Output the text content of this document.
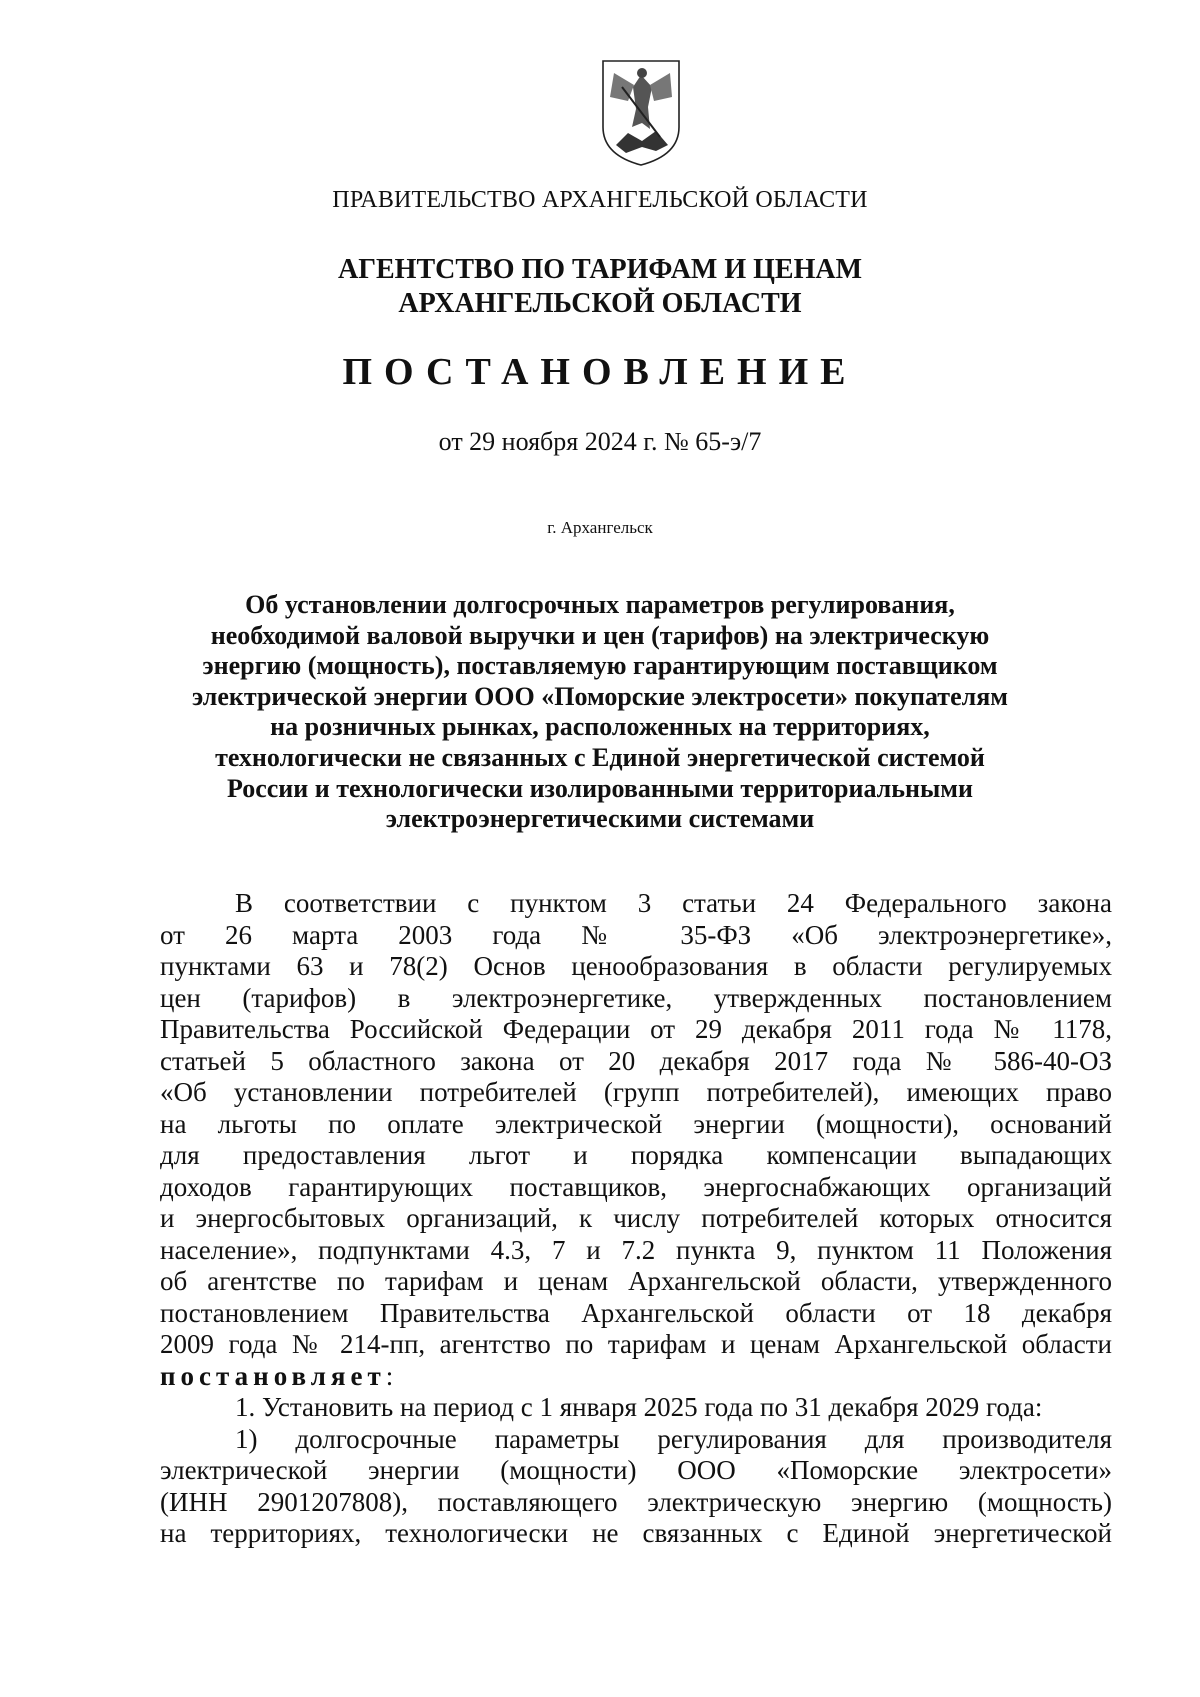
ПРАВИТЕЛЬСТВО АРХАНГЕЛЬСКОЙ ОБЛАСТИ
АГЕНТСТВО ПО ТАРИФАМ И ЦЕНАМ
АРХАНГЕЛЬСКОЙ ОБЛАСТИ
ПОСТАНОВЛЕНИЕ
от 29 ноября 2024 г. № 65-э/7
г. Архангельск
Об установлении долгосрочных параметров регулирования,
необходимой валовой выручки и цен (тарифов) на электрическую
энергию (мощность), поставляемую гарантирующим поставщиком
электрической энергии ООО «Поморские электросети» покупателям
на розничных рынках, расположенных на территориях,
технологически не связанных с Единой энергетической системой
России и технологически изолированными территориальными
электроэнергетическими системами
В соответствии с пунктом 3 статьи 24 Федерального закона
от 26 марта 2003 года № 35-ФЗ «Об электроэнергетике»,
пунктами 63 и 78(2) Основ ценообразования в области регулируемых
цен (тарифов) в электроэнергетике, утвержденных постановлением
Правительства Российской Федерации от 29 декабря 2011 года № 1178,
статьей 5 областного закона от 20 декабря 2017 года № 586-40-ОЗ
«Об установлении потребителей (групп потребителей), имеющих право
на льготы по оплате электрической энергии (мощности), оснований
для предоставления льгот и порядка компенсации выпадающих
доходов гарантирующих поставщиков, энергоснабжающих организаций
и энергосбытовых организаций, к числу потребителей которых относится
население», подпунктами 4.3, 7 и 7.2 пункта 9, пунктом 11 Положения
об агентстве по тарифам и ценам Архангельской области, утвержденного
постановлением Правительства Архангельской области от 18 декабря
2009 года № 214-пп, агентство по тарифам и ценам Архангельской области
постановляет:
1. Установить на период с 1 января 2025 года по 31 декабря 2029 года:
1) долгосрочные параметры регулирования для производителя
электрической энергии (мощности) ООО «Поморские электросети»
(ИНН 2901207808), поставляющего электрическую энергию (мощность)
на территориях, технологически не связанных с Единой энергетической
